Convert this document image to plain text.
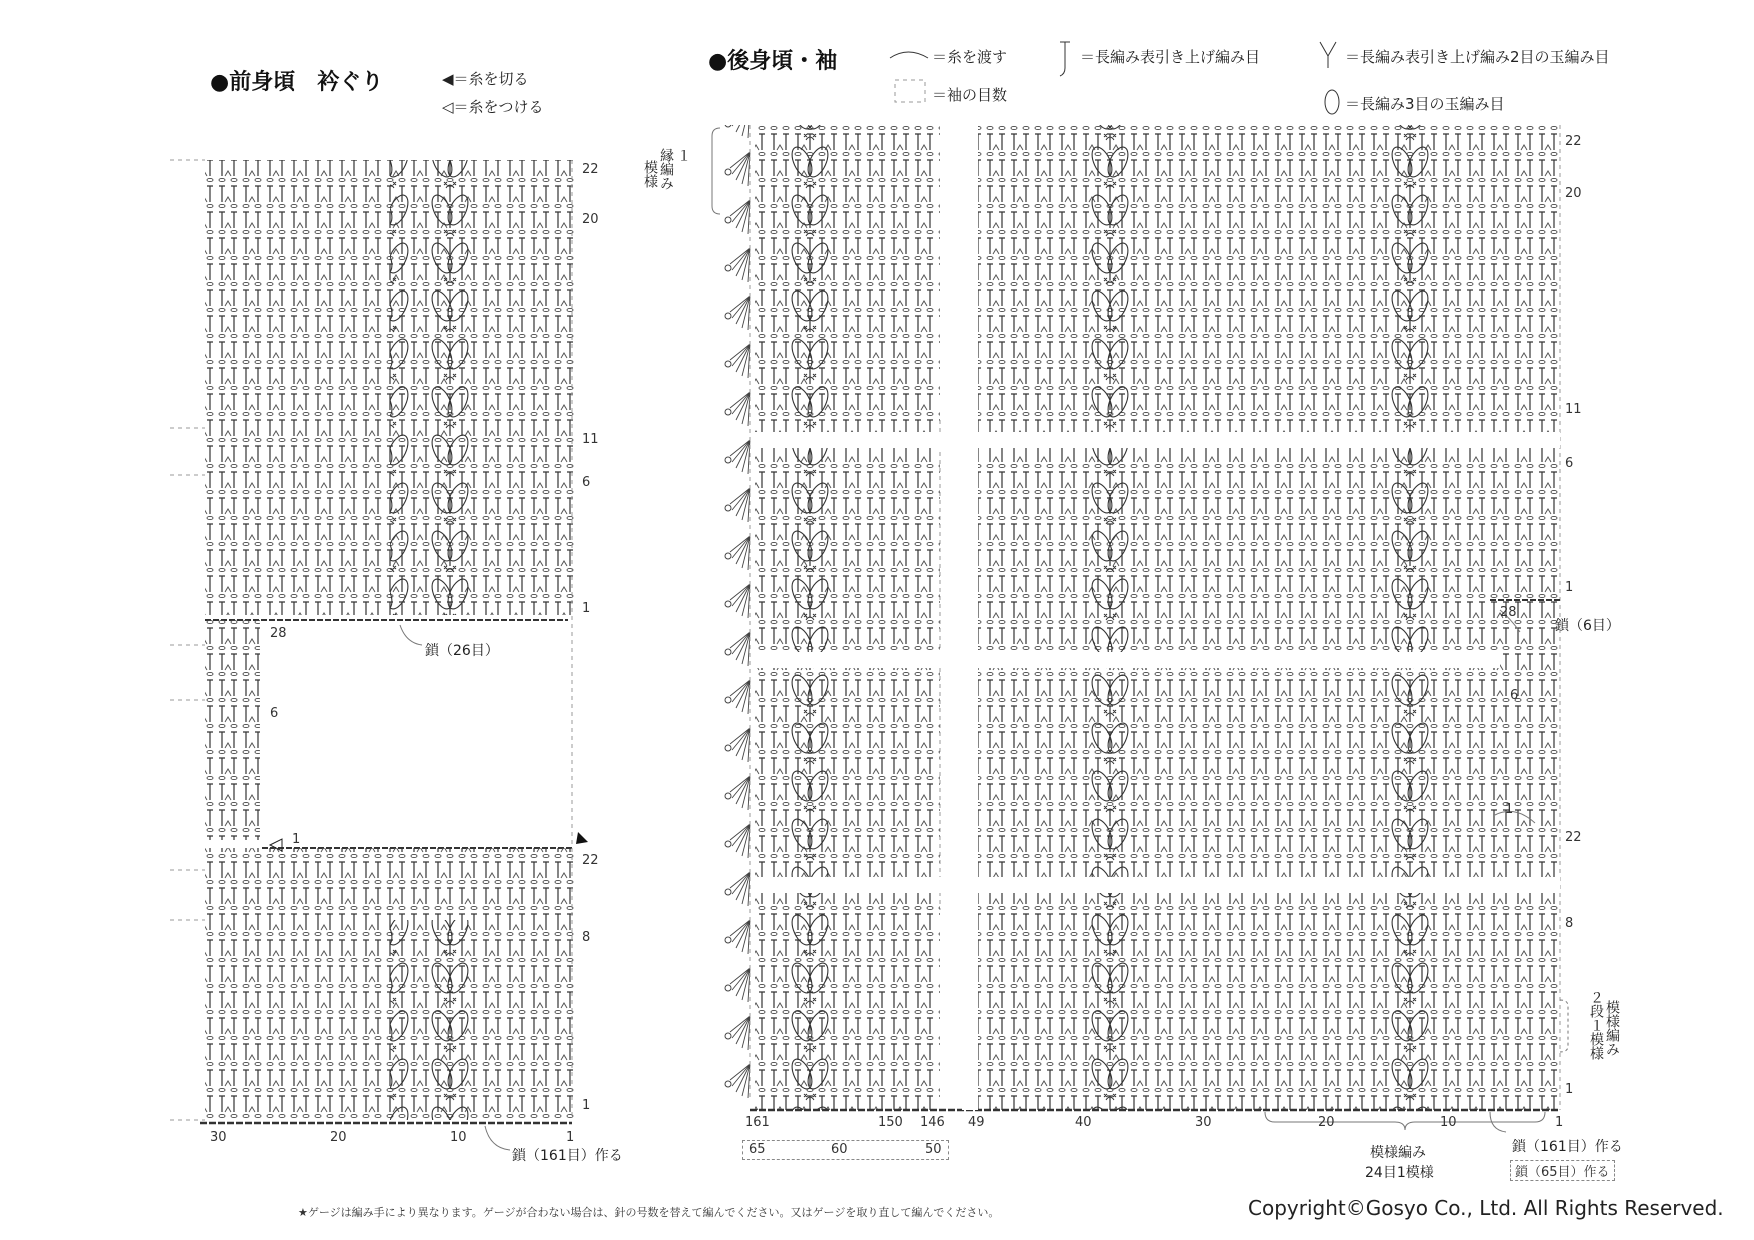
●前身頃　衿ぐり	◀＝糸を切る
◁＝糸をつける
22
20
11
6
1
鎖（26目）
28
6
1
22
8
1
30	20	10	1
鎖（161目）作る
●後身頃・袖	＝糸を渡す
＝袖の目数
＝長編み表引き上げ編み目	＝長編み表引き上げ編み2目の玉編み目
＝長編み3目の玉編み目
１
縁編み
模様
22
20
11
6
1
28
鎖（6目）
6
1
22
8
1
模様編み
２段１模様
161	150 146 49	40	30	20	10	1
65	60	50	模様編み
24目1模様
鎖（161目）作る
鎖（65目）作る
★ゲージは編み手により異なります。ゲージが合わない場合は、針の号数を替えて編んでください。又はゲージを取り直して編んでください。	Copyright©Gosyo Co., Ltd. All Rights Reserved.
